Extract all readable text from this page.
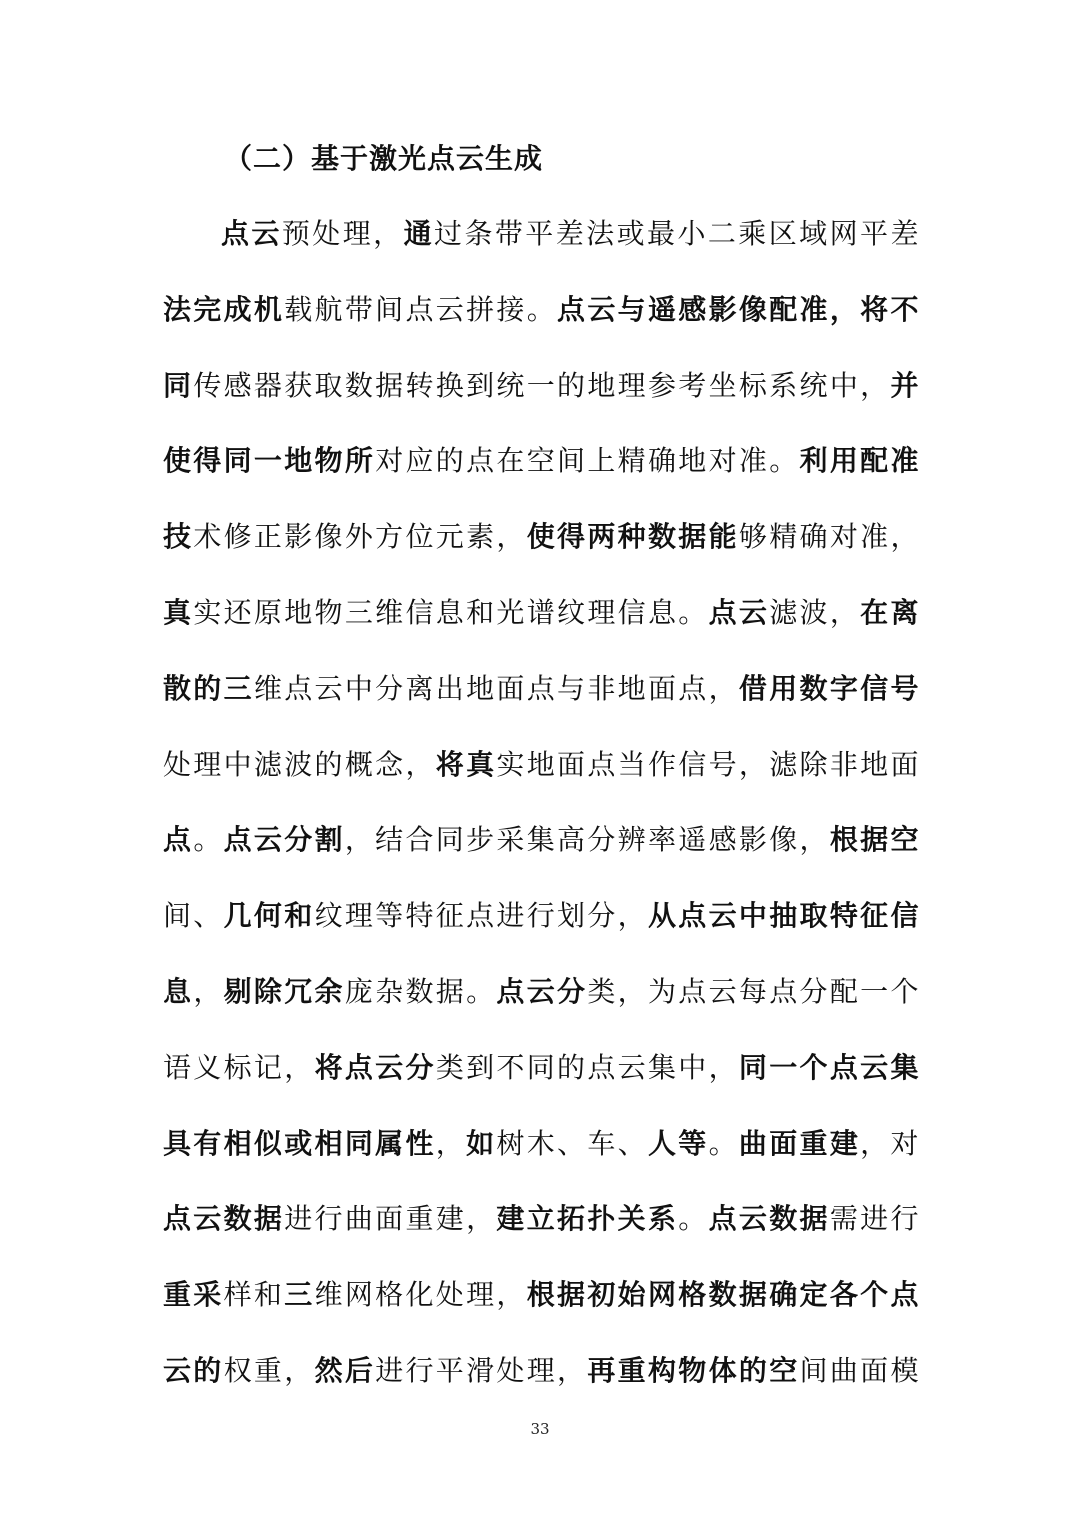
（二）基于激光点云生成
点云预处理，通过条带平差法或最小二乘区域网平差
法完成机载航带间点云拼接。点云与遥感影像配准，将不
同传感器获取数据转换到统一的地理参考坐标系统中，并
使得同一地物所对应的点在空间上精确地对准。利用配准
技术修正影像外方位元素，使得两种数据能够精确对准，
真实还原地物三维信息和光谱纹理信息。点云滤波，在离
散的三维点云中分离出地面点与非地面点，借用数字信号
处理中滤波的概念，将真实地面点当作信号，滤除非地面
点。点云分割，结合同步采集高分辨率遥感影像，根据空
间、几何和纹理等特征点进行划分，从点云中抽取特征信
息，剔除冗余庞杂数据。点云分类，为点云每点分配一个
语义标记，将点云分类到不同的点云集中，同一个点云集
具有相似或相同属性，如树木、车、人等。曲面重建，对
点云数据进行曲面重建，建立拓扑关系。点云数据需进行
重采样和三维网格化处理，根据初始网格数据确定各个点
云的权重，然后进行平滑处理，再重构物体的空间曲面模
33
